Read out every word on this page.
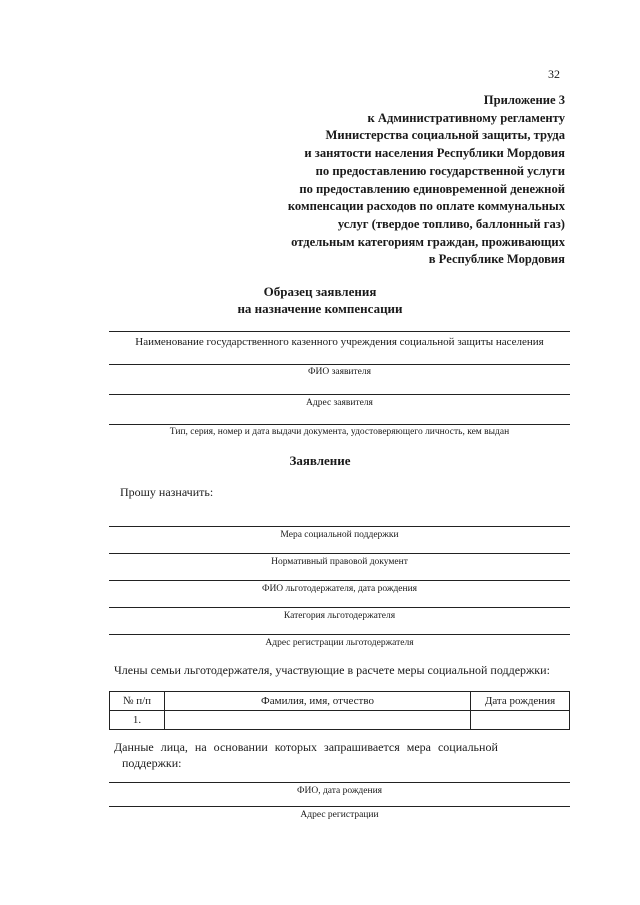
32
Приложение 3
к Административному регламенту
Министерства социальной защиты, труда
и занятости населения Республики Мордовия
по предоставлению государственной услуги
по предоставлению единовременной денежной
компенсации расходов по оплате коммунальных
услуг (твердое топливо, баллонный газ)
отдельным категориям граждан, проживающих
в Республике Мордовия
Образец заявления
на назначение компенсации
Наименование государственного казенного учреждения социальной защиты населения
ФИО заявителя
Адрес заявителя
Тип, серия, номер и дата выдачи документа, удостоверяющего личность, кем выдан
Заявление
Прошу назначить:
Мера социальной поддержки
Нормативный правовой документ
ФИО льготодержателя, дата рождения
Категория льготодержателя
Адрес регистрации льготодержателя
Члены семьи льготодержателя, участвующие в расчете меры социальной поддержки:
№ п/п	Фамилия, имя, отчество	Дата рождения
1.		
Данные лица, на основании которых запрашивается мера социальной
поддержки:
ФИО, дата рождения
Адрес регистрации
